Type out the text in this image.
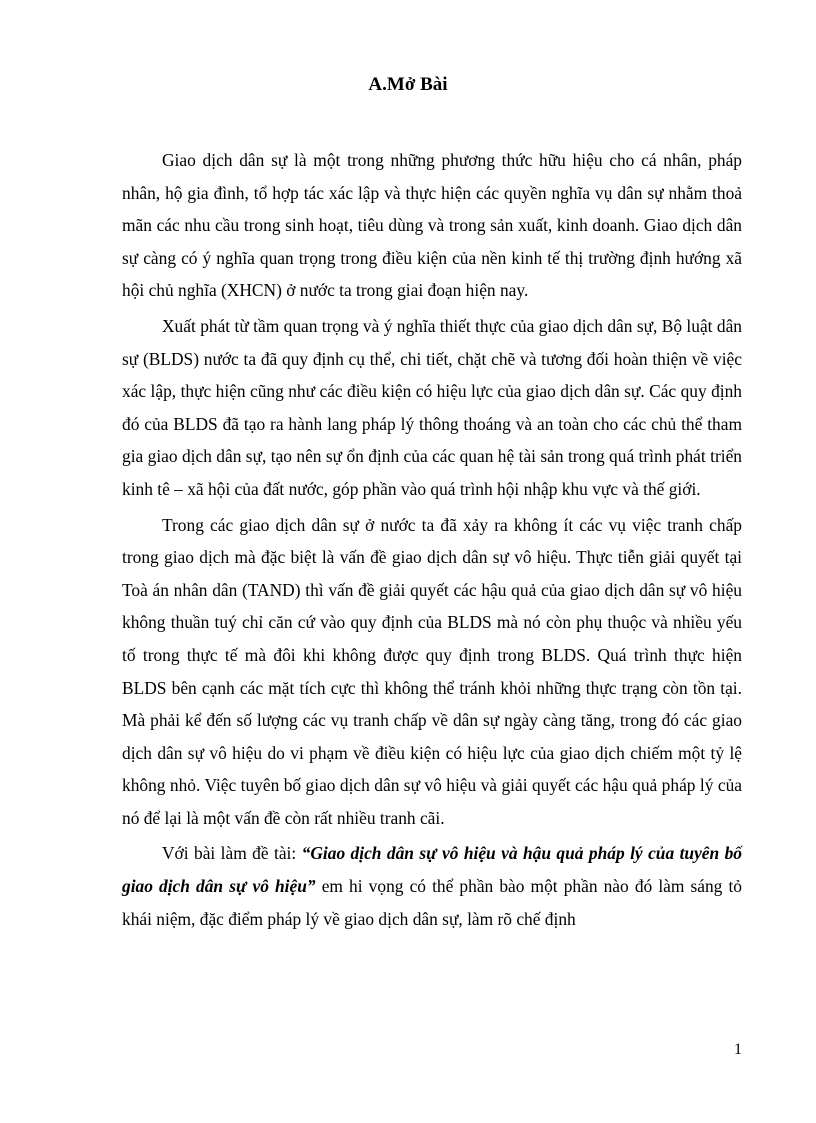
A.Mở Bài

Giao dịch dân sự là một trong những phương thức hữu hiệu cho cá nhân, pháp nhân, hộ gia đình, tổ hợp tác xác lập và thực hiện các quyền nghĩa vụ dân sự nhằm thoả mãn các nhu cầu trong sinh hoạt, tiêu dùng và trong sản xuất, kinh doanh. Giao dịch dân sự càng có ý nghĩa quan trọng trong điều kiện của nền kinh tế thị trường định hướng xã hội chủ nghĩa (XHCN) ở nước ta trong giai đoạn hiện nay.

Xuất phát từ tầm quan trọng và ý nghĩa thiết thực của giao dịch dân sự, Bộ luật dân sự (BLDS) nước ta đã quy định cụ thể, chi tiết, chặt chẽ và tương đối hoàn thiện về việc xác lập, thực hiện cũng như các điều kiện có hiệu lực của giao dịch dân sự. Các quy định đó của BLDS đã tạo ra hành lang pháp lý thông thoáng và an toàn cho các chủ thể tham gia giao dịch dân sự, tạo nên sự ổn định của các quan hệ tài sản trong quá trình phát triển kinh tê – xã hội của đất nước, góp phần vào quá trình hội nhập khu vực và thế giới.

Trong các giao dịch dân sự ở nước ta đã xảy ra không ít các vụ việc tranh chấp trong giao dịch mà đặc biệt là vấn đề giao dịch dân sự vô hiệu. Thực tiễn giải quyết tại Toà án nhân dân (TAND) thì vấn đề giải quyết các hậu quả của giao dịch dân sự vô hiệu không thuần tuý chỉ căn cứ vào quy định của BLDS mà nó còn phụ thuộc và nhiều yếu tố trong thực tế mà đôi khi không được quy định trong BLDS. Quá trình thực hiện BLDS bên cạnh các mặt tích cực thì không thể tránh khỏi những thực trạng còn tồn tại. Mà phải kể đến số lượng các vụ tranh chấp về dân sự ngày càng tăng, trong đó các giao dịch dân sự vô hiệu do vi phạm về điều kiện có hiệu lực của giao dịch chiếm một tỷ lệ không nhỏ. Việc tuyên bố giao dịch dân sự vô hiệu và giải quyết các hậu quả pháp lý của nó để lại là một vấn đề còn rất nhiều tranh cãi.

Với bài làm đề tài: “Giao dịch dân sự vô hiệu và hậu quả pháp lý của tuyên bố giao dịch dân sự vô hiệu” em hi vọng có thể phần bào một phần nào đó làm sáng tỏ khái niệm, đặc điểm pháp lý về giao dịch dân sự, làm rõ chế định

1
